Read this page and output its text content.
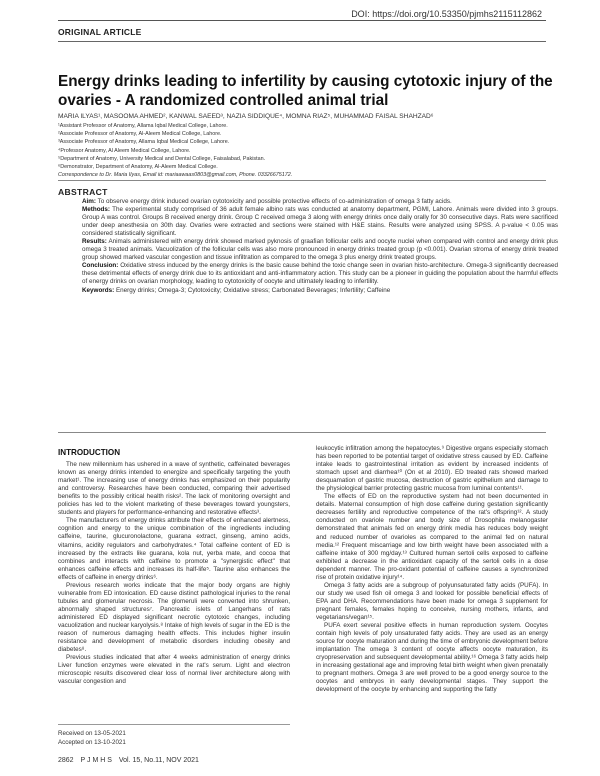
DOI: https://doi.org/10.53350/pjmhs2115112862
ORIGINAL ARTICLE
Energy drinks leading to infertility by causing cytotoxic injury of the ovaries - A randomized controlled animal trial
MARIA ILYAS¹, MASOOMA AHMED², KANWAL SAEED³, NAZIA SIDDIQUE⁴, MOMNA RIAZ⁵, MUHAMMAD FAISAL SHAHZAD⁶
¹Assistant Professor of Anatomy, Allama Iqbal Medical College, Lahore.
²Associate Professor of Anatomy, Al-Aleem Medical College, Lahore.
³Associate Professor of Anatomy, Allama Iqbal Medical College, Lahore.
⁴Professor Anatomy, Al Aleem Medical College, Lahore.
⁵Department of Anatomy, University Medical and Dental College, Faisalabad, Pakistan.
⁶Demonstrator, Department of Anatomy, Al-Aleem Medical College.
Correspondence to Dr. Maria Ilyas, Email id: mariaawaas0803@gmail.com, Phone. 03326675172.
ABSTRACT

Aim: To observe energy drink induced ovarian cytotoxicity and possible protective effects of co-administration of omega 3 fatty acids.

Methods: The experimental study comprised of 36 adult female albino rats was conducted at anatomy department, PGMI, Lahore. Animals were divided into 3 groups. Group A was control. Groups B received energy drink. Group C received omega 3 along with energy drinks once daily orally for 30 consecutive days. Rats were sacrificed under deep anesthesia on 30th day. Ovaries were extracted and sections were stained with H&E stains. Results were analyzed using SPSS. A p-value < 0.05 was considered statistically significant.

Results: Animals administered with energy drink showed marked pyknosis of graafian follicular cells and oocyte nuclei when compared with control and energy drink plus omega 3 treated animals. Vacuolization of the follicular cells was also more pronounced in energy drinks treated group (p <0.001). Ovarian stroma of energy drink treated group showed marked vascular congestion and tissue infiltration as compared to the omega 3 plus energy drink treated groups.

Conclusion: Oxidative stress induced by the energy drinks is the basic cause behind the toxic change seen in ovarian histo-architecture. Omega-3 significantly decreased these detrimental effects of energy drink due to its antioxidant and anti-inflammatory action. This study can be a pioneer in guiding the population about the harmful effects of energy drinks on ovarian morphology, leading to cytotoxicity of oocyte and ultimately leading to infertility.

Keywords: Energy drinks; Omega-3; Cytotoxicity; Oxidative stress; Carbonated Beverages; Infertility; Caffeine

INTRODUCTION

The new millennium has ushered in a wave of synthetic, caffeinated beverages known as energy drinks intended to energize and specifically targeting the youth market¹. The increasing use of energy drinks has emphasized on their popularity and controversy. Researches have been conducted, comparing their advertised benefits to the possibly critical health risks². The lack of monitoring oversight and policies has led to the violent marketing of these beverages toward youngsters, students and players for performance-enhancing and restorative effects³.

The manufacturers of energy drinks attribute their effects of enhanced alertness, cognition and energy to the unique combination of the ingredients including caffeine, taurine, glucuronolactone, guarana extract, ginseng, amino acids, vitamins, acidity regulators and carbohydrates.⁴ Total caffeine content of ED is increased by the extracts like guarana, kola nut, yerba mate, and cocoa that combines and interacts with caffeine to promote a "synergistic effect" that enhances caffeine effects and increases its half-life⁵. Taurine also enhances the effects of caffeine in energy drinks⁶.

Previous research works indicate that the major body organs are highly vulnerable from ED intoxication. ED cause distinct pathological injuries to the renal tubules and glomerular necrosis. The glomeruli were converted into shrunken, abnormally shaped structures⁷. Pancreatic islets of Langerhans of rats administered ED displayed significant necrotic cytotoxic changes, including vacuolization and nuclear karyolysis.⁸ Intake of high levels of sugar in the ED is the reason of numerous damaging health effects. This includes higher insulin resistance and development of metabolic disorders including obesity and diabetes⁸.

Previous studies indicated that after 4 weeks administration of energy drinks Liver function enzymes were elevated in the rat's serum. Light and electron microscopic results discovered clear loss of normal liver architecture along with vascular congestion and

leukocytic infiltration among the hepatocytes.⁹ Digestive organs especially stomach has been reported to be potential target of oxidative stress caused by ED. Caffeine intake leads to gastrointestinal irritation as evident by increased incidents of stomach upset and diarrhea¹⁰ (On et al 2010). ED treated rats showed marked desquamation of gastric mucosa, destruction of gastric epithelium and damage to the physiological barrier protecting gastric mucosa from luminal contents¹¹.

The effects of ED on the reproductive system had not been documented in details. Maternal consumption of high dose caffeine during gestation significantly decreases fertility and reproductive competence of the rat's offspring¹². A study conducted on ovariole number and body size of Drosophila melanogaster demonstrated that animals fed on energy drink media has reduces body weight and reduced number of ovarioles as compared to the animal fed on natural media.¹² Frequent miscarriage and low birth weight have been associated with a caffeine intake of 300 mg/day.¹³ Cultured human sertoli cells exposed to caffeine exhibited a decrease in the antioxidant capacity of the sertoli cells in a dose dependent manner. The pro-oxidant potential of caffeine causes a synchronized rise of protein oxidative injury¹⁴.

Omega 3 fatty acids are a subgroup of polyunsaturated fatty acids (PUFA). In our study we used fish oil omega 3 and looked for possible beneficial effects of EPA and DHA. Recommendations have been made for omega 3 supplement for pregnant females, females hoping to conceive, nursing mothers, infants, and vegetarians/vegan¹⁵.

PUFA exert several positive effects in human reproduction system. Oocytes contain high levels of poly unsaturated fatty acids. They are used as an energy source for oocyte maturation and during the time of embryonic development before implantation The omega 3 content of oocyte affects oocyte maturation, its cryopreservation and subsequent developmental ability.¹⁶ Omega 3 fatty acids help in increasing gestational age and improving fetal birth weight when given prenatally to pregnant mothers. Omega 3 are well proved to be a good energy source to the oocytes and embryos in early developmental stages. They support the development of the oocyte by enhancing and supporting the fatty

Received on 13-05-2021
Accepted on 13-10-2021
2862 P J M H S Vol. 15, No.11, NOV 2021
